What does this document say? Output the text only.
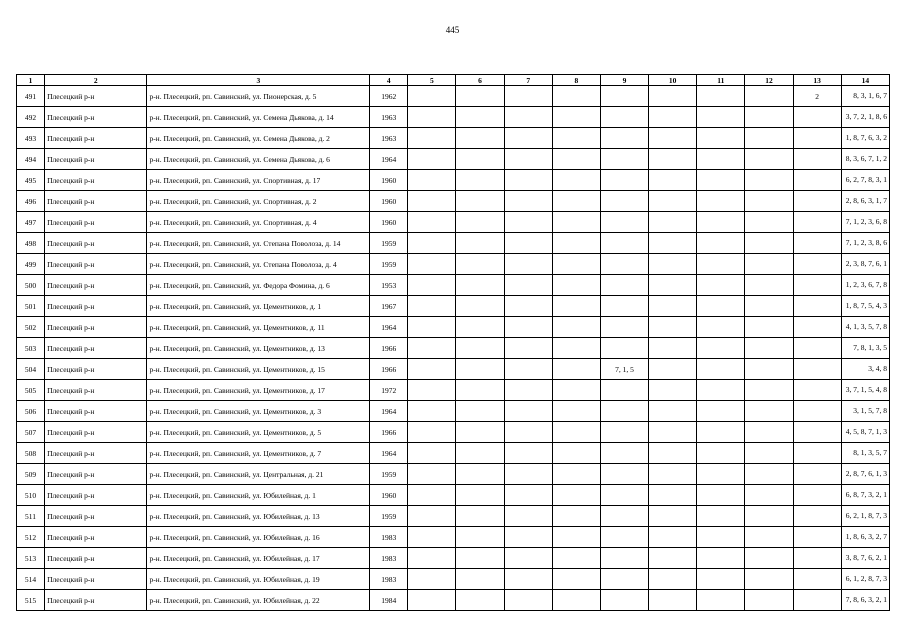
445
1	2	3	4	5	6	7	8	9	10	11	12	13	14
491	Плесецкий р-н	р-н. Плесецкий, рп. Савинский, ул. Пионерская, д. 5	1962									2	8, 3, 1, 6, 7
492	Плесецкий р-н	р-н. Плесецкий, рп. Савинский, ул. Семена Дьякова, д. 14	1963										3, 7, 2, 1, 8, 6
493	Плесецкий р-н	р-н. Плесецкий, рп. Савинский, ул. Семена Дьякова, д. 2	1963										1, 8, 7, 6, 3, 2
494	Плесецкий р-н	р-н. Плесецкий, рп. Савинский, ул. Семена Дьякова, д. 6	1964										8, 3, 6, 7, 1, 2
495	Плесецкий р-н	р-н. Плесецкий, рп. Савинский, ул. Спортивная, д. 17	1960										6, 2, 7, 8, 3, 1
496	Плесецкий р-н	р-н. Плесецкий, рп. Савинский, ул. Спортивная, д. 2	1960										2, 8, 6, 3, 1, 7
497	Плесецкий р-н	р-н. Плесецкий, рп. Савинский, ул. Спортивная, д. 4	1960										7, 1, 2, 3, 6, 8
498	Плесецкий р-н	р-н. Плесецкий, рп. Савинский, ул. Степана Поволоза, д. 14	1959										7, 1, 2, 3, 8, 6
499	Плесецкий р-н	р-н. Плесецкий, рп. Савинский, ул. Степана Поволоза, д. 4	1959										2, 3, 8, 7, 6, 1
500	Плесецкий р-н	р-н. Плесецкий, рп. Савинский, ул. Федора Фомина, д. 6	1953										1, 2, 3, 6, 7, 8
501	Плесецкий р-н	р-н. Плесецкий, рп. Савинский, ул. Цементников, д. 1	1967										1, 8, 7, 5, 4, 3
502	Плесецкий р-н	р-н. Плесецкий, рп. Савинский, ул. Цементников, д. 11	1964										4, 1, 3, 5, 7, 8
503	Плесецкий р-н	р-н. Плесецкий, рп. Савинский, ул. Цементников, д. 13	1966										7, 8, 1, 3, 5
504	Плесецкий р-н	р-н. Плесецкий, рп. Савинский, ул. Цементников, д. 15	1966					7, 1, 5					3, 4, 8
505	Плесецкий р-н	р-н. Плесецкий, рп. Савинский, ул. Цементников, д. 17	1972										3, 7, 1, 5, 4, 8
506	Плесецкий р-н	р-н. Плесецкий, рп. Савинский, ул. Цементников, д. 3	1964										3, 1, 5, 7, 8
507	Плесецкий р-н	р-н. Плесецкий, рп. Савинский, ул. Цементников, д. 5	1966										4, 5, 8, 7, 1, 3
508	Плесецкий р-н	р-н. Плесецкий, рп. Савинский, ул. Цементников, д. 7	1964										8, 1, 3, 5, 7
509	Плесецкий р-н	р-н. Плесецкий, рп. Савинский, ул. Центральная, д. 21	1959										2, 8, 7, 6, 1, 3
510	Плесецкий р-н	р-н. Плесецкий, рп. Савинский, ул. Юбилейная, д. 1	1960										6, 8, 7, 3, 2, 1
511	Плесецкий р-н	р-н. Плесецкий, рп. Савинский, ул. Юбилейная, д. 13	1959										6, 2, 1, 8, 7, 3
512	Плесецкий р-н	р-н. Плесецкий, рп. Савинский, ул. Юбилейная, д. 16	1983										1, 8, 6, 3, 2, 7
513	Плесецкий р-н	р-н. Плесецкий, рп. Савинский, ул. Юбилейная, д. 17	1983										3, 8, 7, 6, 2, 1
514	Плесецкий р-н	р-н. Плесецкий, рп. Савинский, ул. Юбилейная, д. 19	1983										6, 1, 2, 8, 7, 3
515	Плесецкий р-н	р-н. Плесецкий, рп. Савинский, ул. Юбилейная, д. 22	1984										7, 8, 6, 3, 2, 1
